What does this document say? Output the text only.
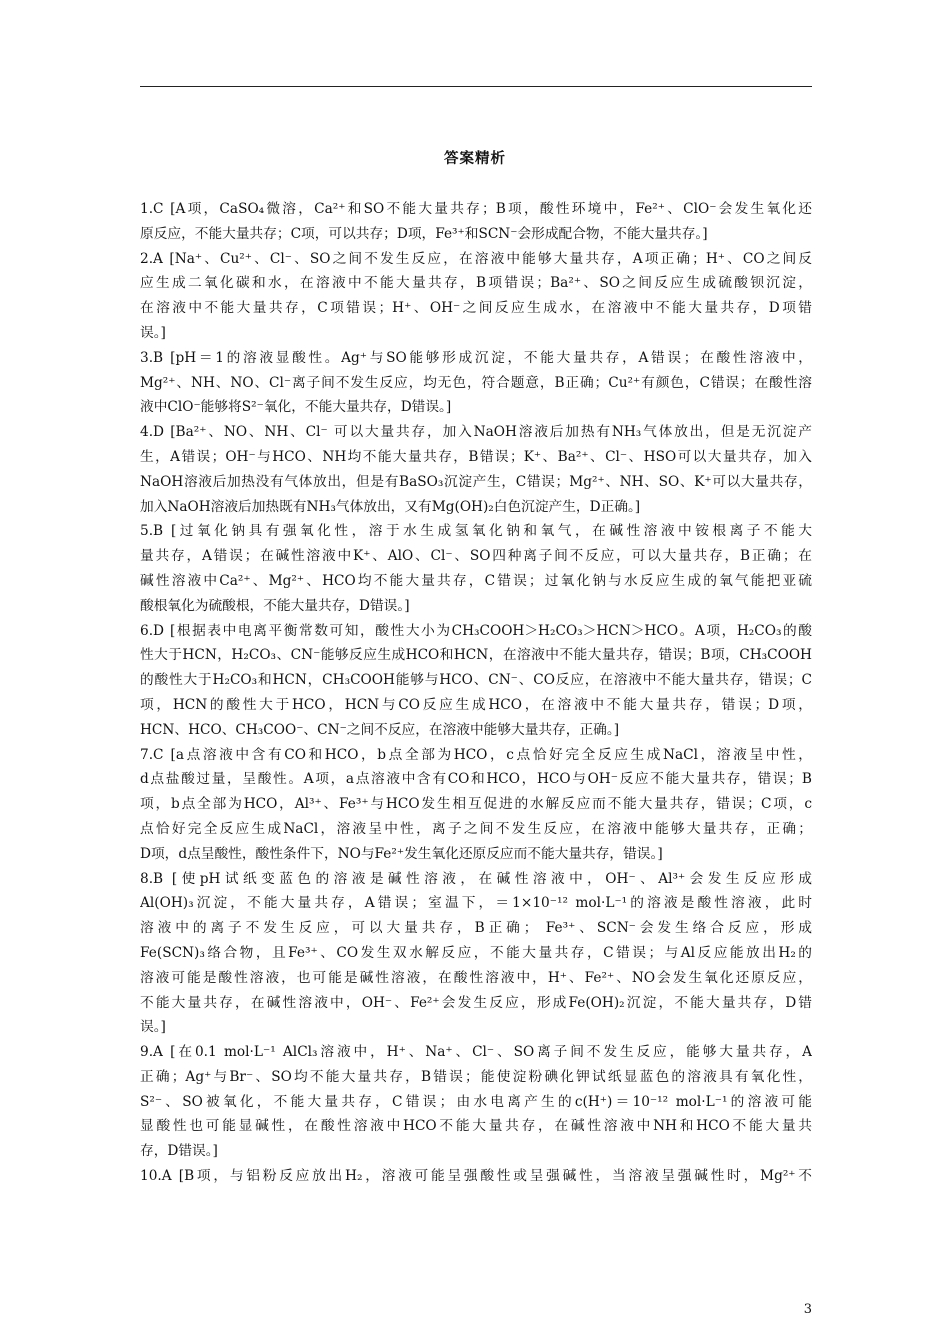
答案精析
1.C [A项，CaSO₄微溶，Ca²⁺和SO不能大量共存；B项，酸性环境中，Fe²⁺、ClO⁻会发生氧化还
原反应，不能大量共存；C项，可以共存；D项，Fe³⁺和SCN⁻会形成配合物，不能大量共存。]
2.A [Na⁺、Cu²⁺、Cl⁻、SO之间不发生反应，在溶液中能够大量共存，A项正确；H⁺、CO之间反
应生成二氧化碳和水，在溶液中不能大量共存，B项错误；Ba²⁺、SO之间反应生成硫酸钡沉淀，
在溶液中不能大量共存，C项错误；H⁺、OH⁻之间反应生成水，在溶液中不能大量共存，D项错
误。]
3.B [pH＝1的溶液显酸性。Ag⁺与SO能够形成沉淀，不能大量共存，A错误；在酸性溶液中，
Mg²⁺、NH、NO、Cl⁻离子间不发生反应，均无色，符合题意，B正确；Cu²⁺有颜色，C错误；在酸性溶
液中ClO⁻能够将S²⁻氧化，不能大量共存，D错误。]
4.D [Ba²⁺、NO、NH、Cl⁻ 可以大量共存，加入NaOH溶液后加热有NH₃气体放出，但是无沉淀产
生，A错误；OH⁻与HCO、NH均不能大量共存，B错误；K⁺、Ba²⁺、Cl⁻、HSO可以大量共存，加入
NaOH溶液后加热没有气体放出，但是有BaSO₃沉淀产生，C错误；Mg²⁺、NH、SO、K⁺可以大量共存，
加入NaOH溶液后加热既有NH₃气体放出，又有Mg(OH)₂白色沉淀产生，D正确。]
5.B [过氧化钠具有强氧化性，溶于水生成氢氧化钠和氧气，在碱性溶液中铵根离子不能大
量共存，A错误；在碱性溶液中K⁺、AlO、Cl⁻、SO四种离子间不反应，可以大量共存，B正确；在
碱性溶液中Ca²⁺、Mg²⁺、HCO均不能大量共存，C错误；过氧化钠与水反应生成的氧气能把亚硫
酸根氧化为硫酸根，不能大量共存，D错误。]
6.D [根据表中电离平衡常数可知，酸性大小为CH₃COOH＞H₂CO₃＞HCN＞HCO。A项，H₂CO₃的酸
性大于HCN，H₂CO₃、CN⁻能够反应生成HCO和HCN，在溶液中不能大量共存，错误；B项，CH₃COOH
的酸性大于H₂CO₃和HCN，CH₃COOH能够与HCO、CN⁻、CO反应，在溶液中不能大量共存，错误；C
项，HCN的酸性大于HCO，HCN与CO反应生成HCO，在溶液中不能大量共存，错误；D项，
HCN、HCO、CH₃COO⁻、CN⁻之间不反应，在溶液中能够大量共存，正确。]
7.C [a点溶液中含有CO和HCO，b点全部为HCO，c点恰好完全反应生成NaCl，溶液呈中性，
d点盐酸过量，呈酸性。A项，a点溶液中含有CO和HCO，HCO与OH⁻反应不能大量共存，错误；B
项，b点全部为HCO，Al³⁺、Fe³⁺与HCO发生相互促进的水解反应而不能大量共存，错误；C项，c
点恰好完全反应生成NaCl，溶液呈中性，离子之间不发生反应，在溶液中能够大量共存，正确；
D项，d点呈酸性，酸性条件下，NO与Fe²⁺发生氧化还原反应而不能大量共存，错误。]
8.B [使pH试纸变蓝色的溶液是碱性溶液，在碱性溶液中，OH⁻、Al³⁺会发生反应形成
Al(OH)₃沉淀，不能大量共存，A错误；室温下，＝1×10⁻¹² mol·L⁻¹的溶液是酸性溶液，此时
溶液中的离子不发生反应，可以大量共存，B正确； Fe³⁺、SCN⁻会发生络合反应，形成
Fe(SCN)₃络合物，且Fe³⁺、CO发生双水解反应，不能大量共存，C错误；与Al反应能放出H₂的
溶液可能是酸性溶液，也可能是碱性溶液，在酸性溶液中，H⁺、Fe²⁺、NO会发生氧化还原反应，
不能大量共存，在碱性溶液中，OH⁻、Fe²⁺会发生反应，形成Fe(OH)₂沉淀，不能大量共存，D错
误。]
9.A [在0.1 mol·L⁻¹ AlCl₃溶液中，H⁺、Na⁺、Cl⁻、SO离子间不发生反应，能够大量共存，A
正确；Ag⁺与Br⁻、SO均不能大量共存，B错误；能使淀粉碘化钾试纸显蓝色的溶液具有氧化性，
S²⁻、SO被氧化，不能大量共存，C错误；由水电离产生的c(H⁺)＝10⁻¹² mol·L⁻¹的溶液可能
显酸性也可能显碱性，在酸性溶液中HCO不能大量共存，在碱性溶液中NH和HCO不能大量共
存，D错误。]
10.A [B项，与铝粉反应放出H₂，溶液可能呈强酸性或呈强碱性，当溶液呈强碱性时，Mg²⁺不
3
